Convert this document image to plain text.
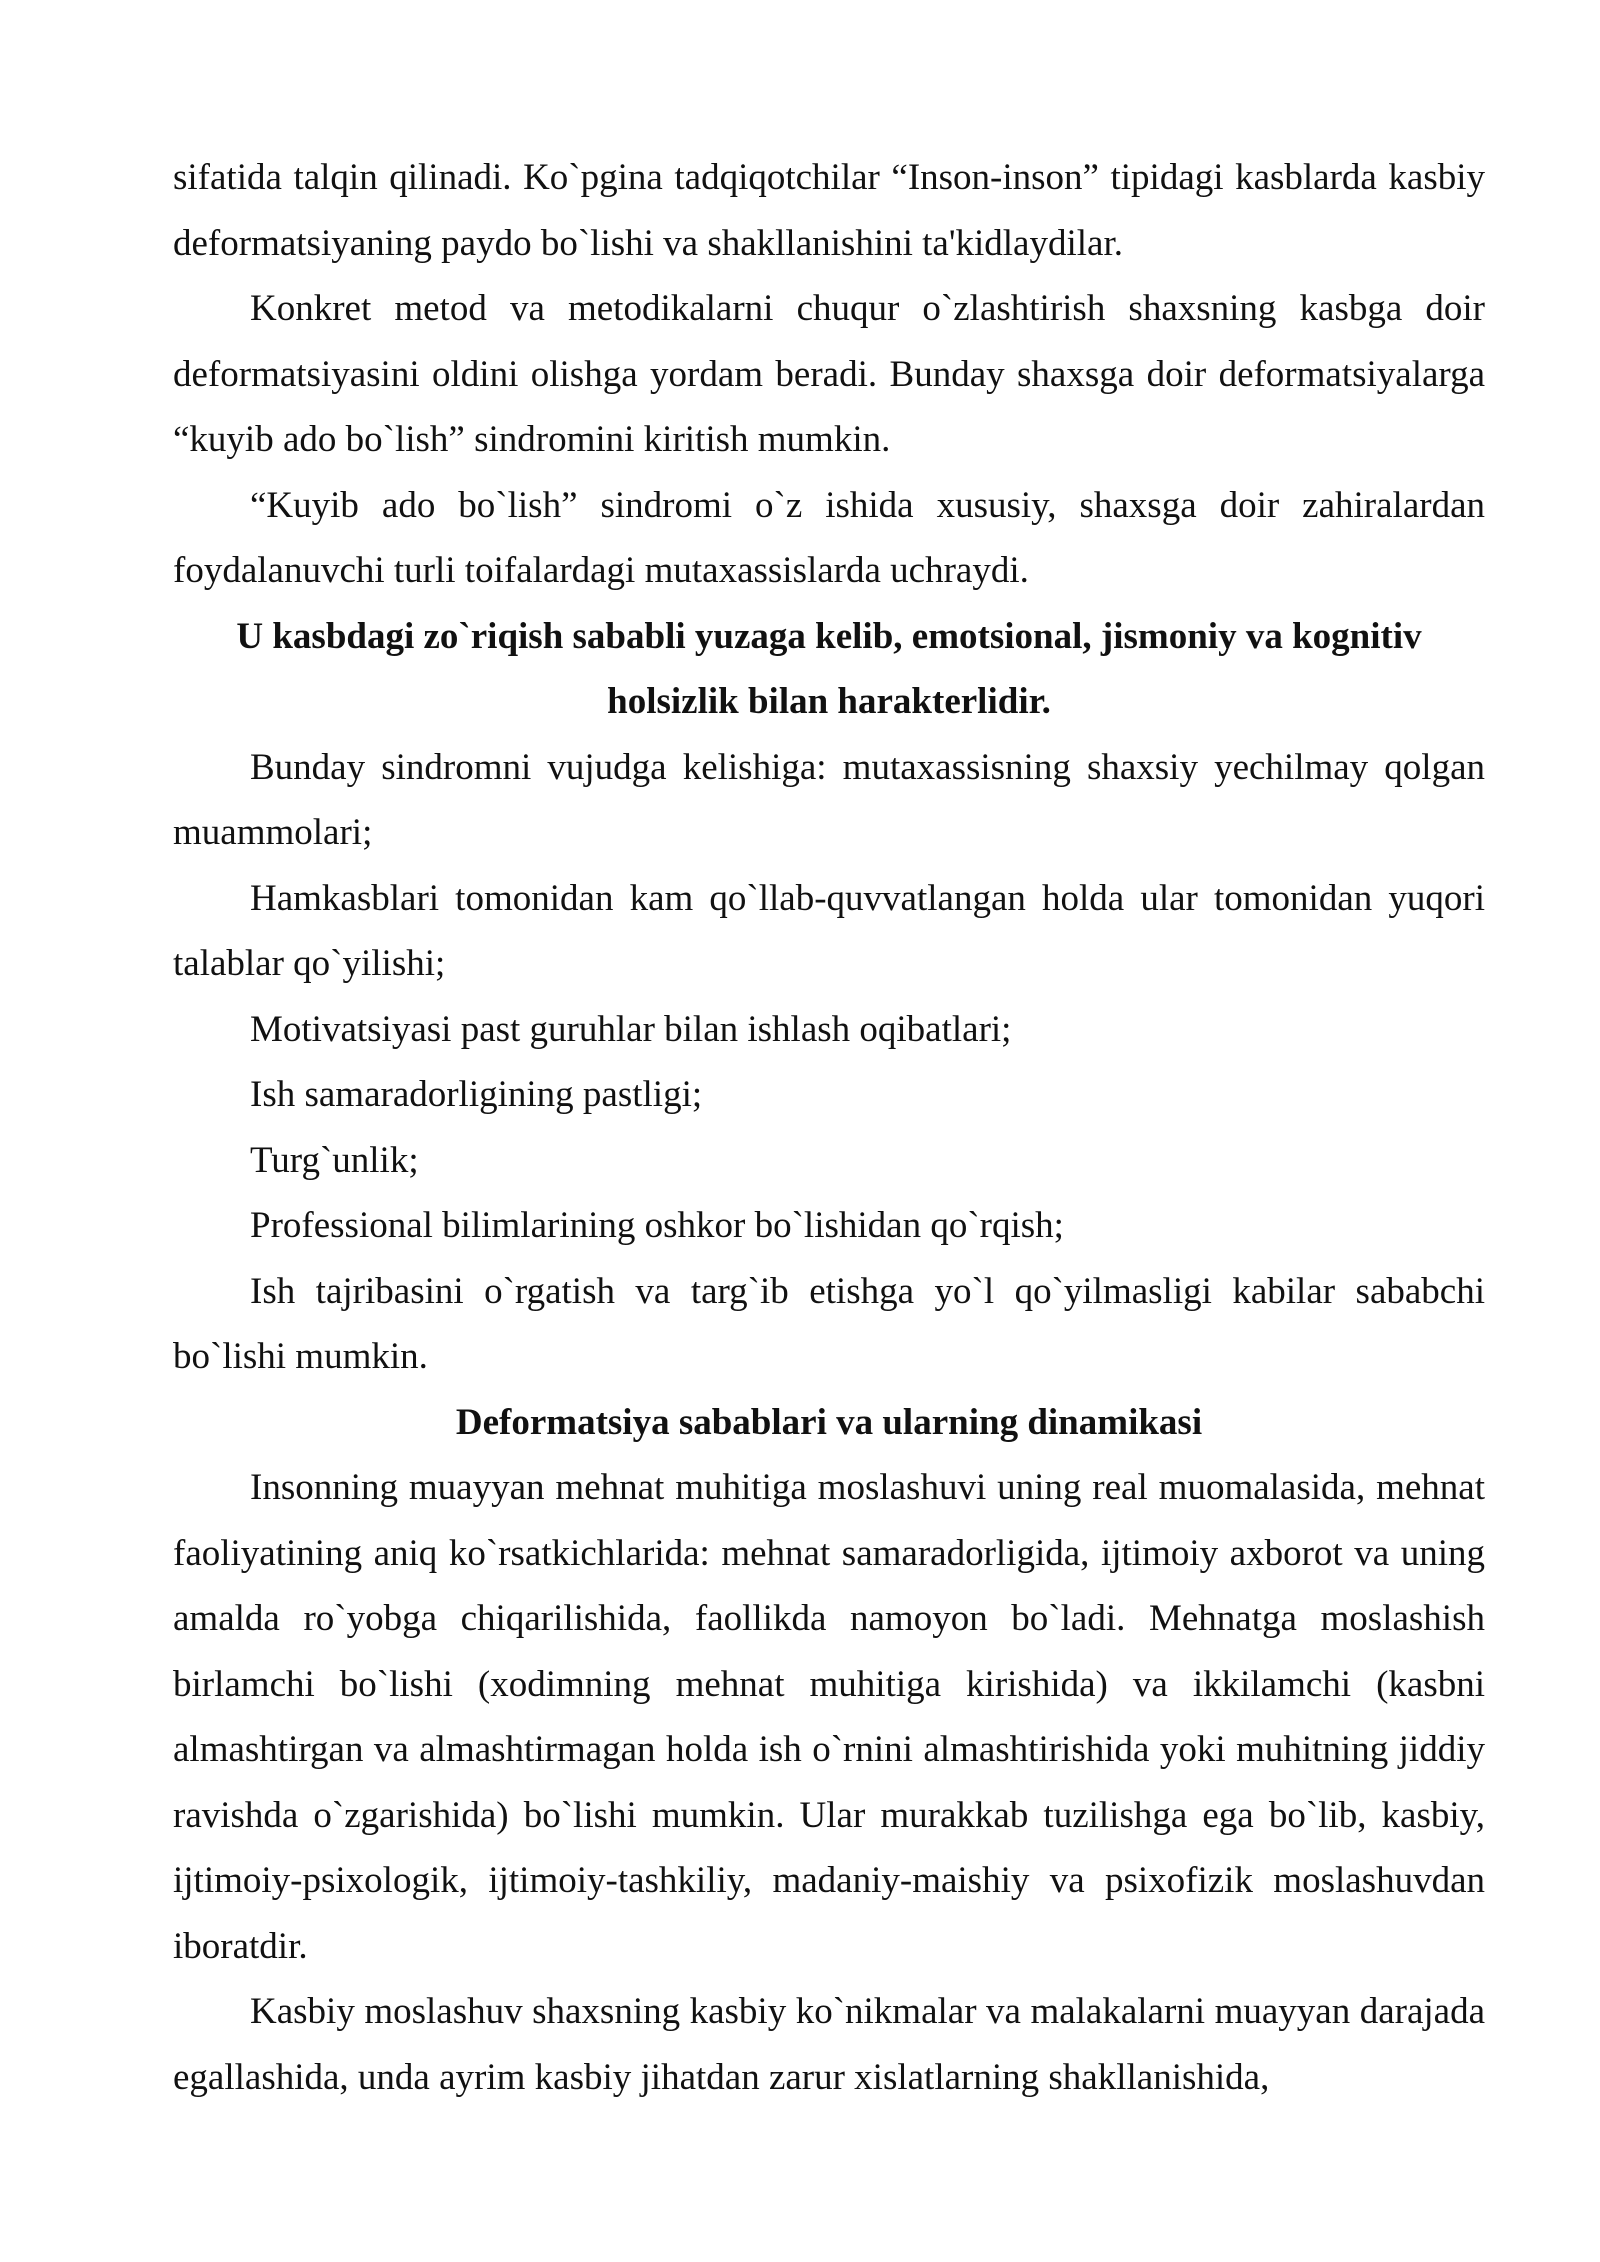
sifatida talqin qilinadi. Ko`pgina tadqiqotchilar “Inson-inson” tipidagi kasblarda kasbiy deformatsiyaning paydo bo`lishi va shakllanishini ta'kidlaydilar.

Konkret metod va metodikalarni chuqur o`zlashtirish shaxsning kasbga doir deformatsiyasini oldini olishga yordam beradi. Bunday shaxsga doir deformatsiyalarga “kuyib ado bo`lish” sindromini kiritish mumkin.

“Kuyib ado bo`lish” sindromi o`z ishida xususiy, shaxsga doir zahiralardan foydalanuvchi turli toifalardagi mutaxassislarda uchraydi.

U kasbdagi zo`riqish sababli yuzaga kelib, emotsional, jismoniy va kognitiv holsizlik bilan harakterlidir.

Bunday sindromni vujudga kelishiga: mutaxassisning shaxsiy yechilmay qolgan muammolari;

Hamkasblari tomonidan kam qo`llab-quvvatlangan holda ular tomonidan yuqori talablar qo`yilishi;

Motivatsiyasi past guruhlar bilan ishlash oqibatlari;

Ish samaradorligining pastligi;

Turg`unlik;

Professional bilimlarining oshkor bo`lishidan qo`rqish;

Ish tajribasini o`rgatish va targ`ib etishga yo`l qo`yilmasligi kabilar sababchi bo`lishi mumkin.

Deformatsiya sabablari va ularning dinamikasi

Insonning muayyan mehnat muhitiga moslashuvi uning real muomalasida, mehnat faoliyatining aniq ko`rsatkichlarida: mehnat samaradorligida, ijtimoiy axborot va uning amalda ro`yobga chiqarilishida, faollikda namoyon bo`ladi. Mehnatga moslashish birlamchi bo`lishi (xodimning mehnat muhitiga kirishida) va ikkilamchi (kasbni almashtirgan va almashtirmagan holda ish o`rnini almashtirishida yoki muhitning jiddiy ravishda o`zgarishida) bo`lishi mumkin. Ular murakkab tuzilishga ega bo`lib, kasbiy, ijtimoiy-psixologik, ijtimoiy-tashkiliy, madaniy-maishiy va psixofizik moslashuvdan iboratdir.

Kasbiy moslashuv shaxsning kasbiy ko`nikmalar va malakalarni muayyan darajada egallashida, unda ayrim kasbiy jihatdan zarur xislatlarning shakllanishida,
